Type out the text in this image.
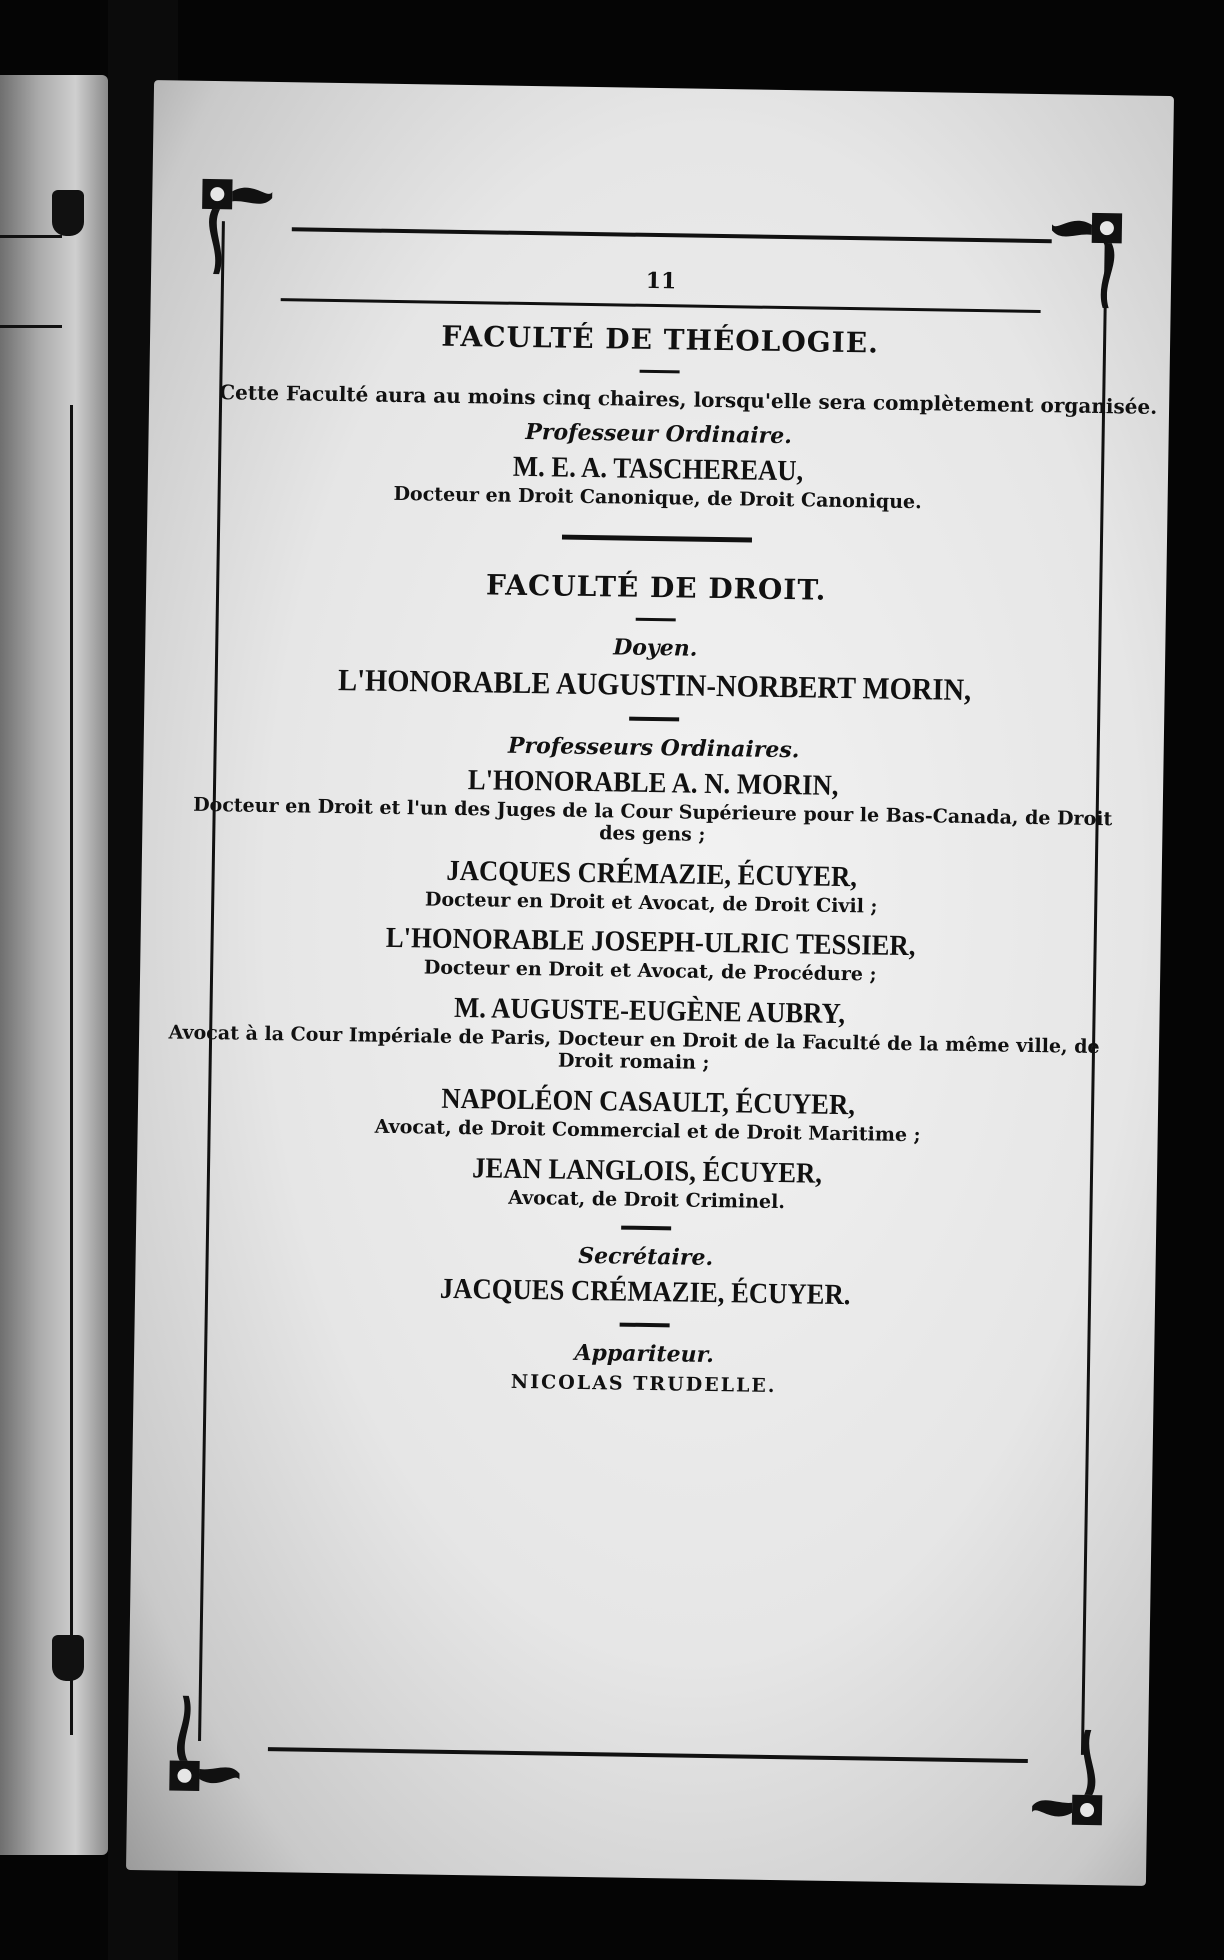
11

FACULTÉ DE THÉOLOGIE.

Cette Faculté aura au moins cinq chaires, lorsqu'elle sera complètement organisée.

Professeur Ordinaire.

M. E. A. TASCHEREAU,

Docteur en Droit Canonique, de Droit Canonique.

FACULTÉ DE DROIT.

Doyen.

L'HONORABLE AUGUSTIN-NORBERT MORIN,

Professeurs Ordinaires.

L'HONORABLE A. N. MORIN,

Docteur en Droit et l'un des Juges de la Cour Supérieure pour le Bas-Canada, de Droit des gens ;

JACQUES CRÉMAZIE, ÉCUYER,

Docteur en Droit et Avocat, de Droit Civil ;

L'HONORABLE JOSEPH-ULRIC TESSIER,

Docteur en Droit et Avocat, de Procédure ;

M. AUGUSTE-EUGÈNE AUBRY,

Avocat à la Cour Impériale de Paris, Docteur en Droit de la Faculté de la même ville, de Droit romain ;

NAPOLÉON CASAULT, ÉCUYER,

Avocat, de Droit Commercial et de Droit Maritime ;

JEAN LANGLOIS, ÉCUYER,

Avocat, de Droit Criminel.

Secrétaire.

JACQUES CRÉMAZIE, ÉCUYER.

Appariteur.

NICOLAS TRUDELLE.
